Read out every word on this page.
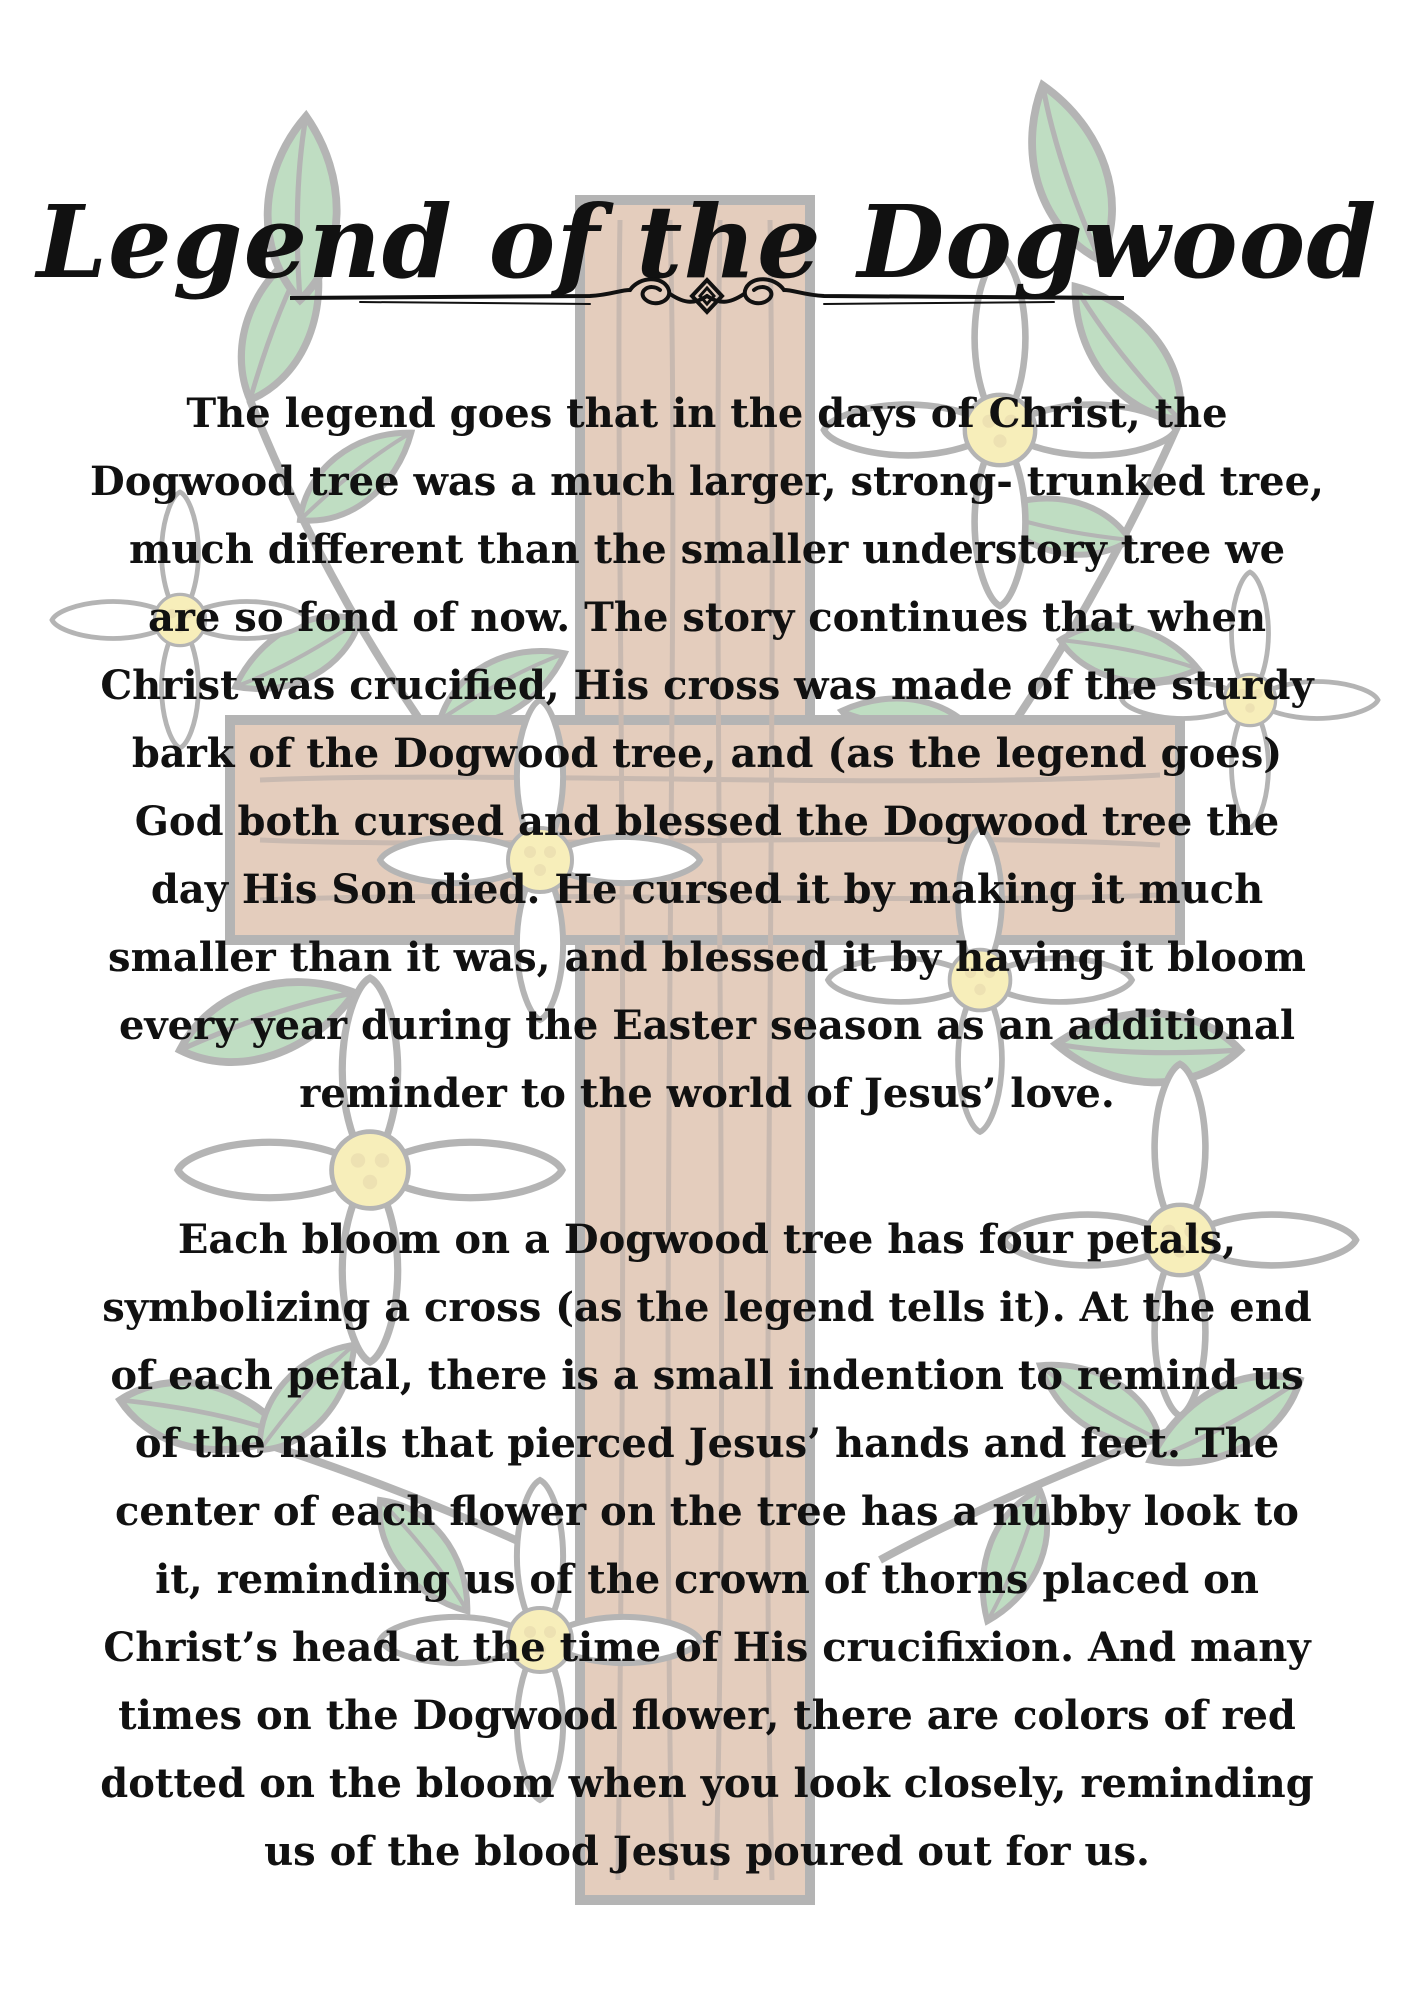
Legend of the Dogwood

The legend goes that in the days of Christ, the Dogwood tree was a much larger, strong- trunked tree, much different than the smaller understory tree we are so fond of now. The story continues that when Christ was crucified, His cross was made of the sturdy bark of the Dogwood tree, and (as the legend goes) God both cursed and blessed the Dogwood tree the day His Son died. He cursed it by making it much smaller than it was, and blessed it by having it bloom every year during the Easter season as an additional reminder to the world of Jesus’ love.

Each bloom on a Dogwood tree has four petals, symbolizing a cross (as the legend tells it). At the end of each petal, there is a small indention to remind us of the nails that pierced Jesus’ hands and feet. The center of each flower on the tree has a nubby look to it, reminding us of the crown of thorns placed on Christ’s head at the time of His crucifixion. And many times on the Dogwood flower, there are colors of red dotted on the bloom when you look closely, reminding us of the blood Jesus poured out for us.
